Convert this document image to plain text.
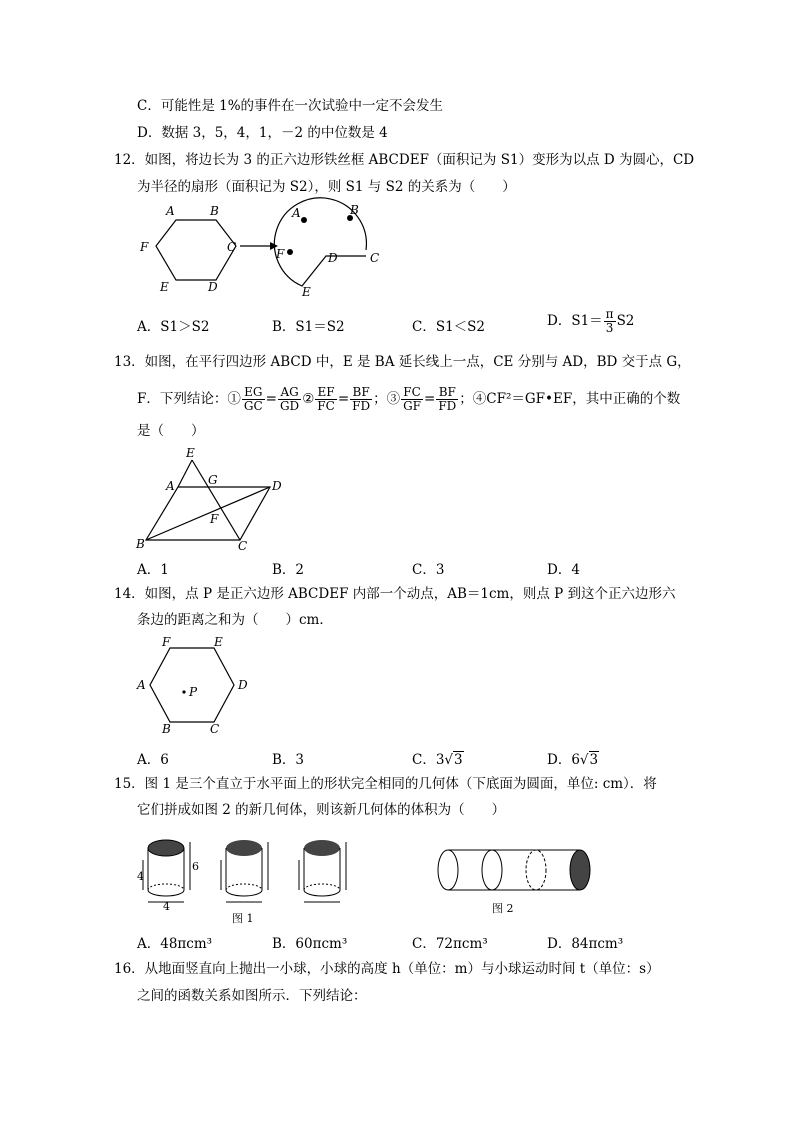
C．可能性是 1%的事件在一次试验中一定不会发生
D．数据 3，5，4，1，－2 的中位数是 4
12．如图，将边长为 3 的正六边形铁丝框 ABCDEF（面积记为 S1）变形为以点 D 为圆心，CD
为半径的扇形（面积记为 S2），则 S1 与 S2 的关系为（　　）
A	B
C
D
E
F
A	B
C
D
E
F
A．S1＞S2	B．S1＝S2	C．S1＜S2	D．$S1= \frac{\pi}{3} S2$
13．如图，在平行四边形 ABCD 中，E 是 BA 延长线上一点，CE 分别与 AD，BD 交于点 G，
F．下列结论：① $\frac{EG}{GC} = \frac{AG}{GD}$ ② $\frac{EF}{FC} = \frac{BF}{FD}$ ；③ $\frac{FC}{GF} = \frac{BF}{FD}$ ；④CF²＝GF•EF，其中正确的个数
是（　　）
E
A	G	D
F
B	C
A．1	B．2	C．3	D．4
14．如图，点 P 是正六边形 ABCDEF 内部一个动点，AB＝1cm，则点 P 到这个正六边形六
条边的距离之和为（　　）cm．
F	E
A	D
B	C
P
A．6	B．3	C．3√3	D．6√3
15．图 1 是三个直立于水平面上的形状完全相同的几何体（下底面为圆面，单位: cm）．将
它们拼成如图 2 的新几何体，则该新几何体的体积为（　　）
4
6
4
图 1
图 2
A．48πcm³	B．60πcm³	C．72πcm³	D．84πcm³
16．从地面竖直向上抛出一小球，小球的高度 h（单位：m）与小球运动时间 t（单位：s）
之间的函数关系如图所示．下列结论：
